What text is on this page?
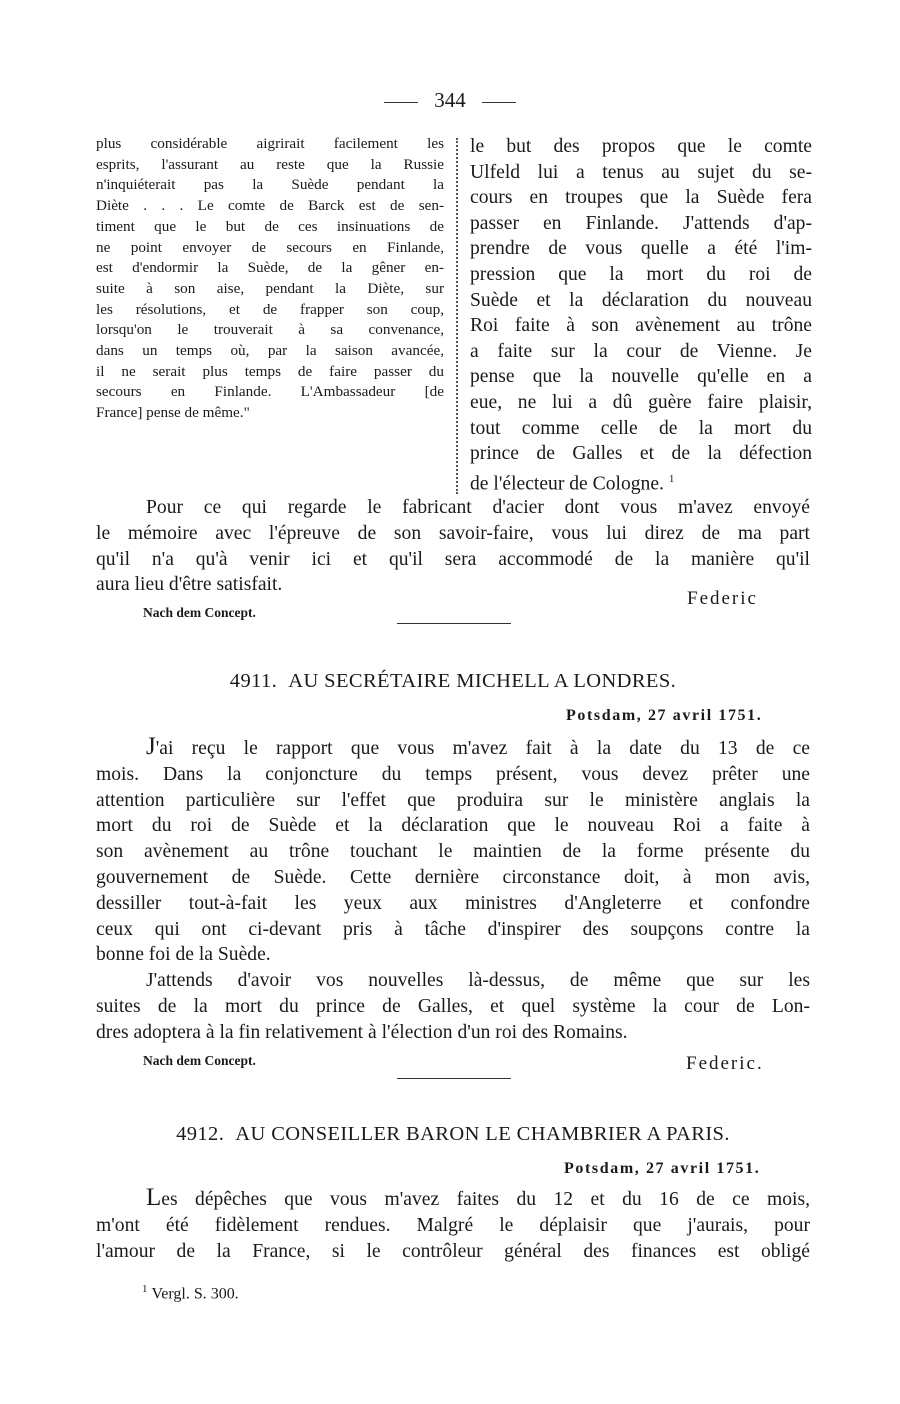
344
plus considérable aigrirait facilement les
esprits, l'assurant au reste que la Russie
n'inquiéterait pas la Suède pendant la
Diète . . . Le comte de Barck est de sen-
timent que le but de ces insinuations de
ne point envoyer de secours en Finlande,
est d'endormir la Suède, de la gêner en-
suite à son aise, pendant la Diète, sur
les résolutions, et de frapper son coup,
lorsqu'on le trouverait à sa convenance,
dans un temps où, par la saison avancée,
il ne serait plus temps de faire passer du
secours en Finlande. L'Ambassadeur [de
France] pense de même."
le but des propos que le comte
Ulfeld lui a tenus au sujet du se-
cours en troupes que la Suède fera
passer en Finlande. J'attends d'ap-
prendre de vous quelle a été l'im-
pression que la mort du roi de
Suède et la déclaration du nouveau
Roi faite à son avènement au trône
a faite sur la cour de Vienne. Je
pense que la nouvelle qu'elle en a
eue, ne lui a dû guère faire plaisir,
tout comme celle de la mort du
prince de Galles et de la défection
de l'électeur de Cologne. $^1$
Pour ce qui regarde le fabricant d'acier dont vous m'avez envoyé
le mémoire avec l'épreuve de son savoir-faire, vous lui direz de ma part
qu'il n'a qu'à venir ici et qu'il sera accommodé de la manière qu'il
aura lieu d'être satisfait.
Federic
Nach dem Concept.
4911. AU SECRÉTAIRE MICHELL A LONDRES.
Potsdam, 27 avril 1751.
J'ai reçu le rapport que vous m'avez fait à la date du 13 de ce
mois. Dans la conjoncture du temps présent, vous devez prêter une
attention particulière sur l'effet que produira sur le ministère anglais la
mort du roi de Suède et la déclaration que le nouveau Roi a faite à
son avènement au trône touchant le maintien de la forme présente du
gouvernement de Suède. Cette dernière circonstance doit, à mon avis,
dessiller tout-à-fait les yeux aux ministres d'Angleterre et confondre
ceux qui ont ci-devant pris à tâche d'inspirer des soupçons contre la
bonne foi de la Suède.
J'attends d'avoir vos nouvelles là-dessus, de même que sur les
suites de la mort du prince de Galles, et quel système la cour de Lon-
dres adoptera à la fin relativement à l'élection d'un roi des Romains.
Nach dem Concept.	Federic.
4912. AU CONSEILLER BARON LE CHAMBRIER A PARIS.
Potsdam, 27 avril 1751.
Les dépêches que vous m'avez faites du 12 et du 16 de ce mois,
m'ont été fidèlement rendues. Malgré le déplaisir que j'aurais, pour
l'amour de la France, si le contrôleur général des finances est obligé
$^1$ Vergl. S. 300.
